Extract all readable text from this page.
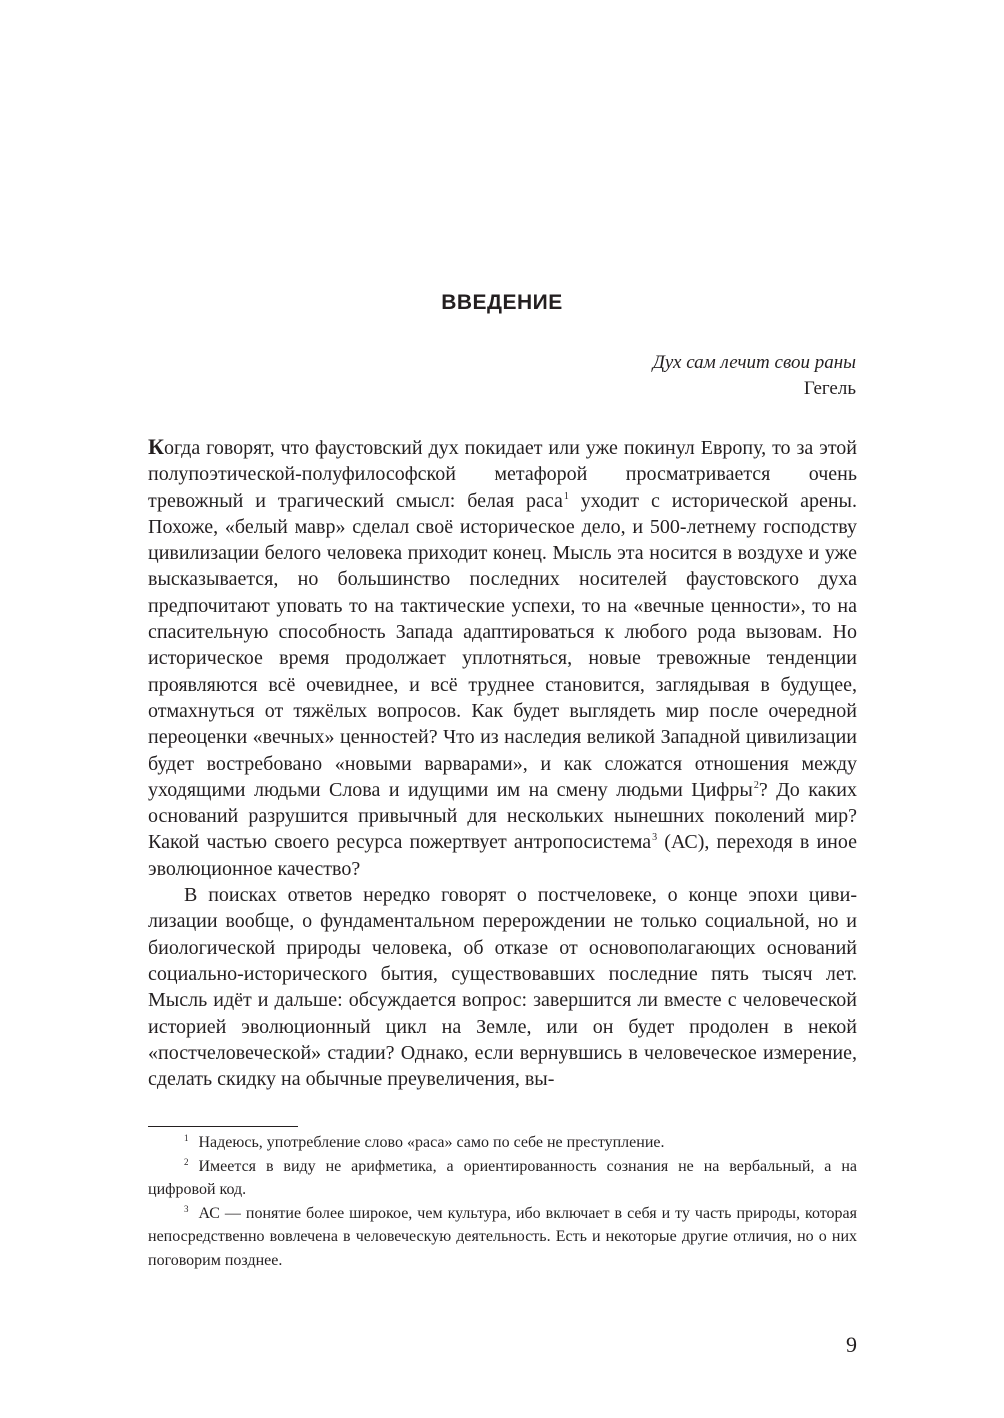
ВВЕДЕНИЕ
Дух сам лечит свои раны
Гегель

Когда говорят, что фаустовский дух покидает или уже покинул Европу, то за этой полупоэтической-полуфилософской метафорой просматривается очень тревожный и трагический смысл: белая раса$^1$ уходит с исторической арены. Похоже, «белый мавр» сделал своё историческое дело, и 500-летнему господству цивилизации белого человека приходит конец. Мысль эта носится в воздухе и уже высказывается, но большинство последних носителей фаустовского духа предпочитают уповать то на тактические успехи, то на «вечные ценности», то на спасительную способность Запада адаптироваться к любого рода вызовам. Но историческое время продолжает уплотняться, новые тревожные тенденции проявляются всё очевиднее, и всё труднее становится, заглядывая в будущее, отмахнуться от тяжёлых вопросов. Как будет выглядеть мир после очередной переоценки «вечных» ценностей? Что из наследия великой Западной цивилизации будет востребовано «новыми варварами», и как сложатся отношения между уходящими людьми Слова и идущими им на смену людьми Цифры$^2$? До каких оснований разрушится привычный для нескольких нынешних поколений мир? Какой частью своего ресурса пожертвует антропосистема$^3$ (АС), переходя в иное эволюционное качество?

В поисках ответов нередко говорят о постчеловеке, о конце эпохи цивилизации вообще, о фундаментальном перерождении не только социальной, но и биологической природы человека, об отказе от основополагающих оснований социально-исторического бытия, существовавших последние пять тысяч лет. Мысль идёт и дальше: обсуждается вопрос: завершится ли вместе с человеческой историей эволюционный цикл на Земле, или он будет продолен в некой «постчеловеческой» стадии? Однако, если вернувшись в человеческое измерение, сделать скидку на обычные преувеличения, вы-

$^1$ Надеюсь, употребление слово «раса» само по себе не преступление.

$^2$ Имеется в виду не арифметика, а ориентированность сознания не на вербальный, а на цифровой код.

$^3$ АС — понятие более широкое, чем культура, ибо включает в себя и ту часть природы, которая непосредственно вовлечена в человеческую деятельность. Есть и некоторые другие отличия, но о них поговорим позднее.

9
